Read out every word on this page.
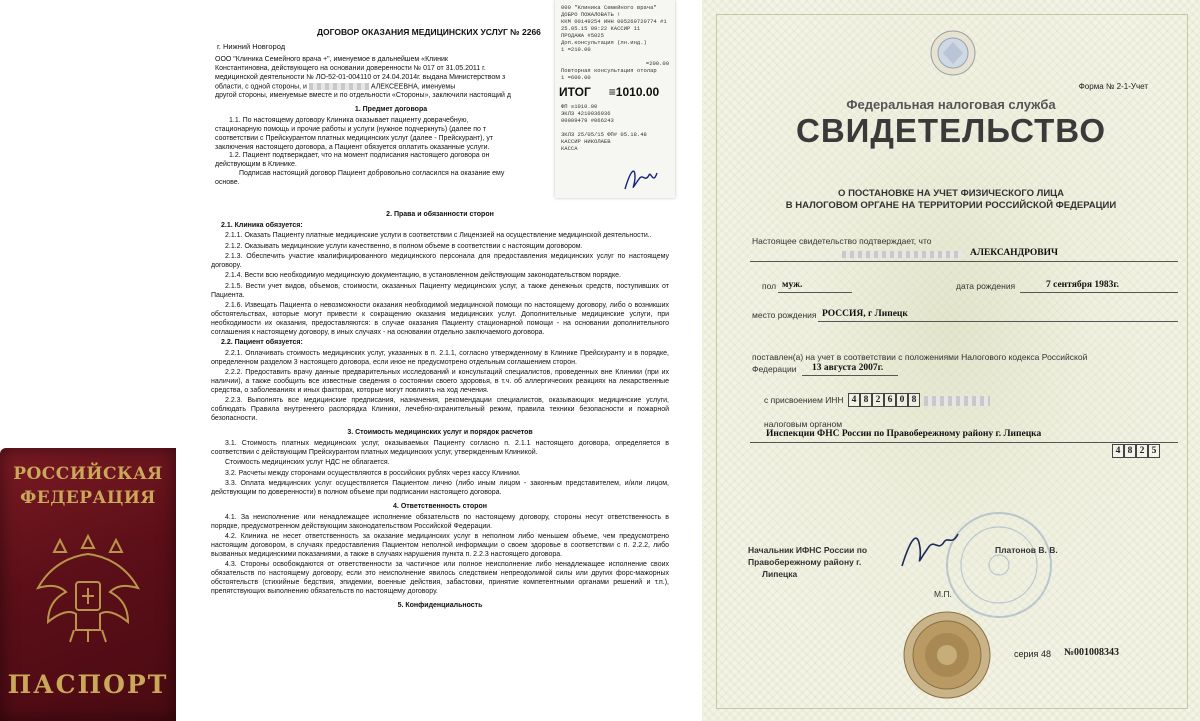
РОССИЙСКАЯ
ФЕДЕРАЦИЯ
ПАСПОРТ
ДОГОВОР ОКАЗАНИЯ МЕДИЦИНСКИХ УСЛУГ № 2266
г. Нижний Новгород

ООО "Клиника Семейного врача +", именуемое в дальнейшем «Клиник

Константиновна, действующего на основании доверенности № 017 от 31.05.2011 г.

медицинской деятельности № ЛО-52-01-004110 от 24.04.2014г. выдана Министерством з

области, с одной стороны, и	АЛЕКСЕЕВНА, именуемы

другой стороны, именуемые вместе и по отдельности «Стороны», заключили настоящий д

1. Предмет договора

1.1. По настоящему договору Клиника оказывает пациенту доврачебную,

стационарную помощь и прочие работы и услуги (нужное подчеркнуть) (далее по т

соответствии с Прейскурантом платных медицинских услуг (далее - Прейскурант), ут

заключения настоящего договора, а Пациент обязуется оплатить оказанные услуги.

1.2. Пациент подтверждает, что на момент подписания настоящего договора он

действующим в Клинике.

Подписав настоящий договор Пациент добровольно согласился на оказание ему

основе.

2. Права и обязанности сторон

2.1. Клиника обязуется:

2.1.1. Оказать Пациенту платные медицинские услуги в соответствии с Лицензией на осуществление медицинской деятельности..

2.1.2. Оказывать медицинские услуги качественно, в полном объеме в соответствии с настоящим договором.

2.1.3. Обеспечить участие квалифицированного медицинского персонала для предоставления медицинских услуг по настоящему договору.

2.1.4. Вести всю необходимую медицинскую документацию, в установленном действующим законодательством порядке.

2.1.5. Вести учет видов, объемов, стоимости, оказанных Пациенту медицинских услуг, а также денежных средств, поступивших от Пациента.

2.1.6. Извещать Пациента о невозможности оказания необходимой медицинской помощи по настоящему договору, либо о возникших обстоятельствах, которые могут привести к сокращению оказания медицинских услуг. Дополнительные медицинские услуги, при необходимости их оказания, предоставляются: в случае оказания Пациенту стационарной помощи - на основании дополнительного соглашения к настоящему договору, в иных случаях - на основании отдельно заключаемого договора.

2.2. Пациент обязуется:

2.2.1. Оплачивать стоимость медицинских услуг, указанных в п. 2.1.1, согласно утвержденному в Клинике Прейскуранту и в порядке, определенном разделом 3 настоящего договора, если иное не предусмотрено отдельным соглашением сторон.

2.2.2. Предоставить врачу данные предварительных исследований и консультаций специалистов, проведенных вне Клиники (при их наличии), а также сообщить все известные сведения о состоянии своего здоровья, в т.ч. об аллергических реакциях на лекарственные средства, о заболеваниях и иных факторах, которые могут повлиять на ход лечения.

2.2.3. Выполнять все медицинские предписания, назначения, рекомендации специалистов, оказывающих медицинские услуги, соблюдать Правила внутреннего распорядка Клиники, лечебно-охранительный режим, правила техники безопасности и пожарной безопасности.

3. Стоимость медицинских услуг и порядок расчетов

3.1. Стоимость платных медицинских услуг, оказываемых Пациенту согласно п. 2.1.1 настоящего договора, определяется в соответствии с действующим Прейскурантом платных медицинских услуг, утвержденным Клиникой.

Стоимость медицинских услуг НДС не облагается.

3.2. Расчеты между сторонами осуществляются в российских рублях через кассу Клиники.

3.3. Оплата медицинских услуг осуществляется Пациентом лично (либо иным лицом - законным представителем, и/или лицом, действующим по доверенности) в полном объеме при подписании настоящего договора.

4. Ответственность сторон

4.1. За неисполнение или ненадлежащее исполнение обязательств по настоящему договору, стороны несут ответственность в порядке, предусмотренном действующим законодательством Российской Федерации.

4.2. Клиника не несет ответственность за оказание медицинских услуг в неполном либо меньшем объеме, чем предусмотрено настоящим договором, в случаях предоставления Пациентом неполной информации о своем здоровье в соответствии с п. 2.2.2, либо вызванных медицинскими показаниями, а также в случаях нарушения пункта п. 2.2.3 настоящего договора.

4.3. Стороны освобождаются от ответственности за частичное или полное неисполнение либо ненадлежащее исполнение своих обязательств по настоящему договору, если это неисполнение явилось следствием непреодолимой силы или других форс-мажорных обстоятельств (стихийные бедствия, эпидемии, военные действия, забастовки, принятие компетентными органами решений и т.п.), препятствующих выполнению обязательств по настоящему договору.

5. Конфиденциальность

000 "Клиника Семейного врача"
ДОБРО ПОЖАЛОВАТЬ !
ККМ 00149254 ИНН 005260720774 #1
25.05.15 09:22 КАССИР 11
ПРОДАЖА #5025
Доп.консультация (лн.инд.)
1 =210.00

=200.00
Повторная консультация отолар
1 =600.00
ИТОГ ≡1010.00
ФП ≡1010.00
ЭКЛЗ 4210036936
00009479 #066243

ЗКЛЗ 25/05/15 ФП# 05.18.48
КАССИР НИКОЛАЕВ
КАССА
Форма № 2-1-Учет
Федеральная налоговая служба
СВИДЕТЕЛЬСТВО
О ПОСТАНОВКЕ НА УЧЕТ ФИЗИЧЕСКОГО ЛИЦА
В НАЛОГОВОМ ОРГАНЕ НА ТЕРРИТОРИИ РОССИЙСКОЙ ФЕДЕРАЦИИ
Настоящее свидетельство подтверждает, что
АЛЕКСАНДРОВИЧ
пол муж.	дата рождения	7 сентября 1983г.
место рождения РОССИЯ, г Липецк
поставлен(а) на учет в соответствии с положениями Налогового кодекса Российской
Федерации 13 августа 2007г.
с присвоением ИНН 4 8 2 6 0 8
налоговым органом
Инспекции ФНС России по Правобережному району г. Липецка
4 8 2 5
Начальник ИФНС России по
Правобережному району г.
Липецка
Платонов В. В.
М.П.
серия 48 №001008343
